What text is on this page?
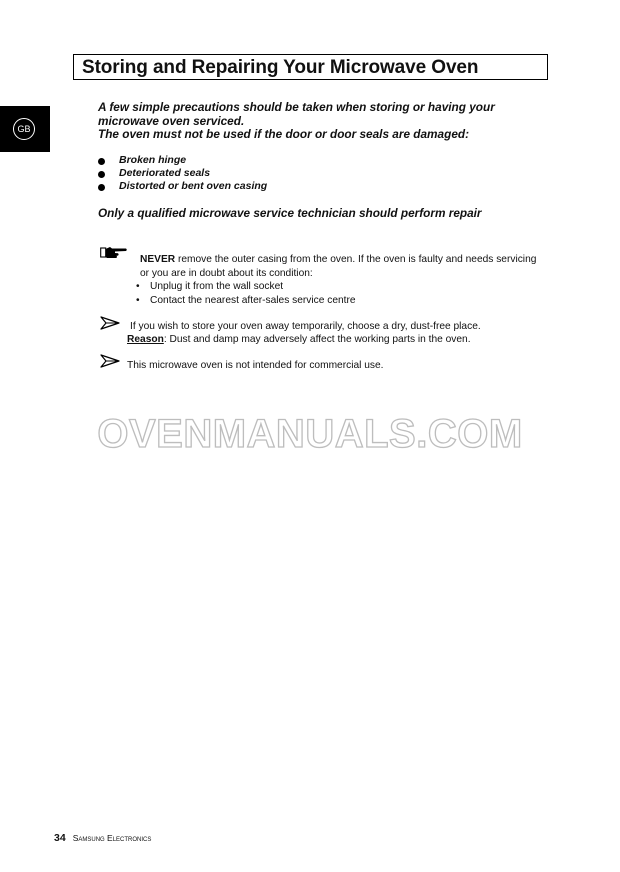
Storing and Repairing Your Microwave Oven
GB
A few simple precautions should be taken when storing or having your
microwave oven serviced.
The oven must not be used if the door or door seals are damaged:
Broken hinge
Deteriorated seals
Distorted or bent oven casing
Only a qualified microwave service technician should perform repair
NEVER remove the outer casing from the oven. If the oven is faulty and needs servicing
or you are in doubt about its condition:
• Unplug it from the wall socket
• Contact the nearest after-sales service centre
If you wish to store your oven away temporarily, choose a dry, dust-free place.
Reason: Dust and damp may adversely affect the working parts in the oven.
This microwave oven is not intended for commercial use.
OVENMANUALS.COM
34 Samsung Electronics
